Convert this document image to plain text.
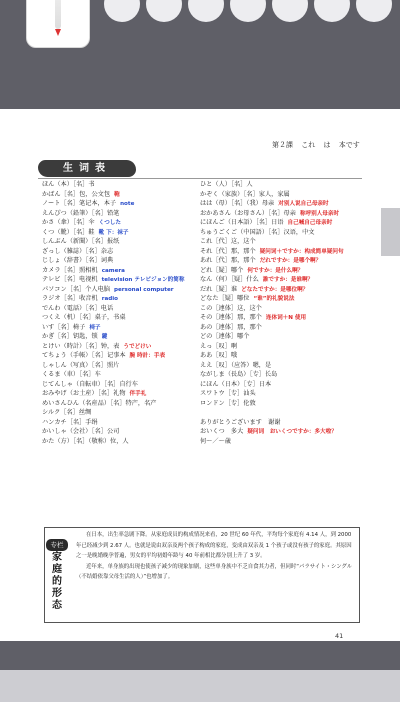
第２課 これ は 本です
生词表
ほん（本）［名］书
かばん［名］包，公文包 鞄
ノート［名］笔记本，本子 note
えんぴつ（鉛筆）［名］铅笔
かさ（傘）［名］伞 くつした
くつ（靴）［名］鞋 靴 下：袜子
しんぶん（新聞）［名］报纸
ざっし（雑誌）［名］杂志
じしょ（辞書）［名］词典
カメラ［名］照相机 camera
テレビ［名］电视机 television テレビジョン的简称
パソコン［名］个人电脑 personal computer
ラジオ［名］收音机 radio
でんわ（電話）［名］电话
つくえ（机）［名］桌子，书桌
いす［名］椅子 椅子
かぎ［名］钥匙，锁 鍵
とけい（時計）［名］钟，表 うでどけい
てちょう（手帳）［名］记事本 腕 時計：手表
しゃしん（写真）［名］照片
くるま（車）［名］车
じてんしゃ（自転車）［名］自行车
おみやげ（お土産）［名］礼物 伴手礼
めいさんひん（名産品）［名］特产，名产
シルク［名］丝绸
ハンカチ［名］手绢
かいしゃ（会社）［名］公司
かた（方）［名］（敬称）位，人
ひと（人）［名］人
かぞく（家族）［名］家人，家属
はは（母）［名］（我）母亲 对别人说自己母亲时
おかあさん（お母さん）［名］母亲 称呼别人母亲时
にほんご（日本語）［名］日语 自己喊自己母亲时
ちゅうごくご（中国語）［名］汉语，中文
これ［代］这，这个
それ［代］那，那个 疑问词＋ですか：构成简单疑问句
あれ［代］那，那个 だれですか：是哪个啊？
どれ［疑］哪个 何ですか：是什么啊？
なん（何）［疑］什么 誰ですか：是谁啊？
だれ［疑］谁 どなたですか：是哪位啊？
どなた［疑］哪位 “谁”的礼貌说法
この［連体］这，这个
その［連体］那，那个 连体词＋N 使用
あの［連体］那，那个
どの［連体］哪个
えっ［叹］啊
ああ［叹］哦
ええ［叹］（应答）嗯，是
ながしま（長島）［专］长岛
にほん（日本）［专］日本
スワトウ［专］汕头
ロンドン［专］伦敦
ありがとうございます　谢谢
おいくつ　多大 疑问词　おいくつですか：多大啦？
何～／～歳
专栏
家庭的形态

在日本，出生率急剧下降。从家庭成员的构成情况来看，20 世纪 60 年代，平均每个家庭有 4.14 人，到 2000 年已经减少到 2.67 人。也就是说由双亲及两个孩子构成的家庭，变成由双亲及 1 个孩子或没有孩子的家庭。其原因之一是晚婚晚孕普遍，男女的平均初婚年龄与 40 年前相比都分别上升了 3 岁。

近年来，单身族的出现也使孩子减少的现象加剧，这些单身族中不乏自食其力者，但同时“パラサイト・シングル（不结婚依靠父母生活的人）”也增加了。

41
